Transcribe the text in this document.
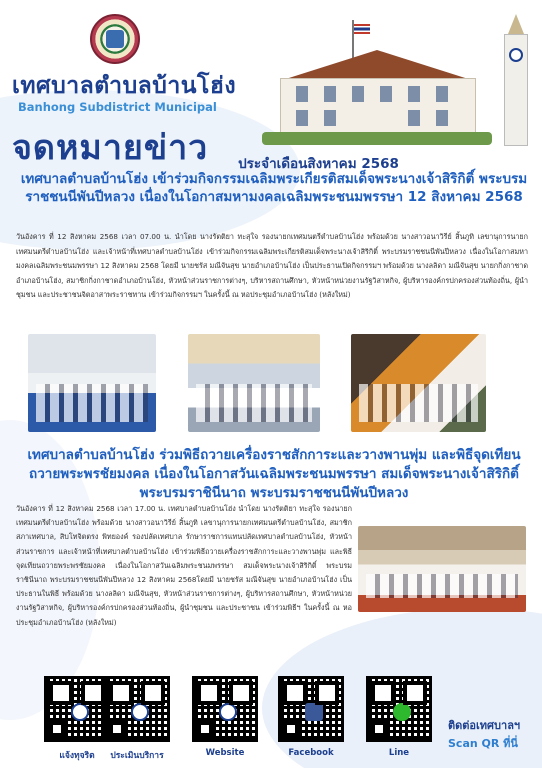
เทศบาลตำบลบ้านโฮ่ง
Banhong Subdistrict Municipal
จดหมายข่าว	ประจำเดือนสิงหาคม 2568
เทศบาลตำบลบ้านโฮ่ง เข้าร่วมกิจกรรมเฉลิมพระเกียรติสมเด็จพระนางเจ้าสิริกิติ์ พระบรมราชชนนีพันปีหลวง เนื่องในโอกาสมหามงคลเฉลิมพระชนมพรรษา 12 สิงหาคม 2568
วันอังคาร ที่ 12 สิงหาคม 2568 เวลา 07.00 น. นำโดย นางรัตติยา ทะสุใจ รองนายกเทศมนตรีตำบลบ้านโฮ่ง พร้อมด้วย นางสาวอนาวิรีย์ สิ้นภูทิ เลขานุการนายกเทศมนตรีตำบลบ้านโฮ่ง และเจ้าหน้าที่เทศบาลตำบลบ้านโฮ่ง เข้าร่วมกิจกรรมเฉลิมพระเกียรติสมเด็จพระนางเจ้าสิริกิติ์ พระบรมราชชนนีพันปีหลวง เนื่องในโอกาสมหามงคลเฉลิมพระชนมพรรษา 12 สิงหาคม 2568 โดยมี นายชรัส มณีจันสุข นายอำเภอบ้านโฮ่ง เป็นประธานเปิดกิจกรรมฯ พร้อมด้วย นางลลิดา มณีจันสุข นายกกิ่งกาชาดอำเภอบ้านโฮ่ง, สมาชิกกิ่งกาชาดอำเภอบ้านโฮ่ง, หัวหน้าส่วนราชการต่างๆ, บริหารสถานศึกษา, หัวหน้าหน่วยงานรัฐวิสาหกิจ, ผู้บริหารองค์กรปกครองส่วนท้องถิ่น, ผู้นำชุมชน และประชาชนจิตอาสาพระราชทาน เข้าร่วมกิจกรรมฯ ในครั้งนี้ ณ หอประชุมอำเภอบ้านโฮ่ง (หลังใหม่)
เทศบาลตำบลบ้านโฮ่ง ร่วมพิธีถวายเครื่องราชสักการะและวางพานพุ่ม และพิธีจุดเทียนถวายพระพรชัยมงคล เนื่องในโอกาสวันเฉลิมพระชนมพรรษา สมเด็จพระนางเจ้าสิริกิติ์ พระบรมราชินีนาถ พระบรมราชชนนีพันปีหลวง
วันอังคาร ที่ 12 สิงหาคม 2568 เวลา 17.00 น. เทศบาลตำบลบ้านโฮ่ง นำโดย นางรัตติยา ทะสุใจ รองนายกเทศมนตรีตำบลบ้านโฮ่ง พร้อมด้วย นางสาวอนาวิรีย์ สิ้นภูทิ เลขานุการนายกเทศมนตรีตำบลบ้านโฮ่ง, สมาชิกสภาเทศบาล, สิบโทจิตตรง พิทยองค์ รองปลัดเทศบาล รักษาราชการแทนปลัดเทศบาลตำบลบ้านโฮ่ง, หัวหน้าส่วนราชการ และเจ้าหน้าที่เทศบาลตำบลบ้านโฮ่ง เข้าร่วมพิธีถวายเครื่องราชสักการะและวางพานพุ่ม และพิธีจุดเทียนถวายพระพรชัยมงคล เนื่องในโอกาสวันเฉลิมพระชนมพรรษา สมเด็จพระนางเจ้าสิริกิติ์ พระบรมราชินีนาถ พระบรมราชชนนีพันปีหลวง 12 สิงหาคม 2568โดยมี นายชรัส มณีจันสุข นายอำเภอบ้านโฮ่ง เป็นประธานในพิธี พร้อมด้วย นางลลิดา มณีจันสุข, หัวหน้าส่วนราชการต่างๆ, ผู้บริหารสถานศึกษา, หัวหน้าหน่วยงานรัฐวิสาหกิจ, ผู้บริหารองค์กรปกครองส่วนท้องถิ่น, ผู้นำชุมชน และประชาชน เข้าร่วมพิธีฯ ในครั้งนี้ ณ หอประชุมอำเภอบ้านโฮ่ง (หลังใหม่)
แจ้งทุจริต	ประเมินบริการ	Website	Facebook	Line
ติดต่อเทศบาลฯ
Scan QR ที่นี่
